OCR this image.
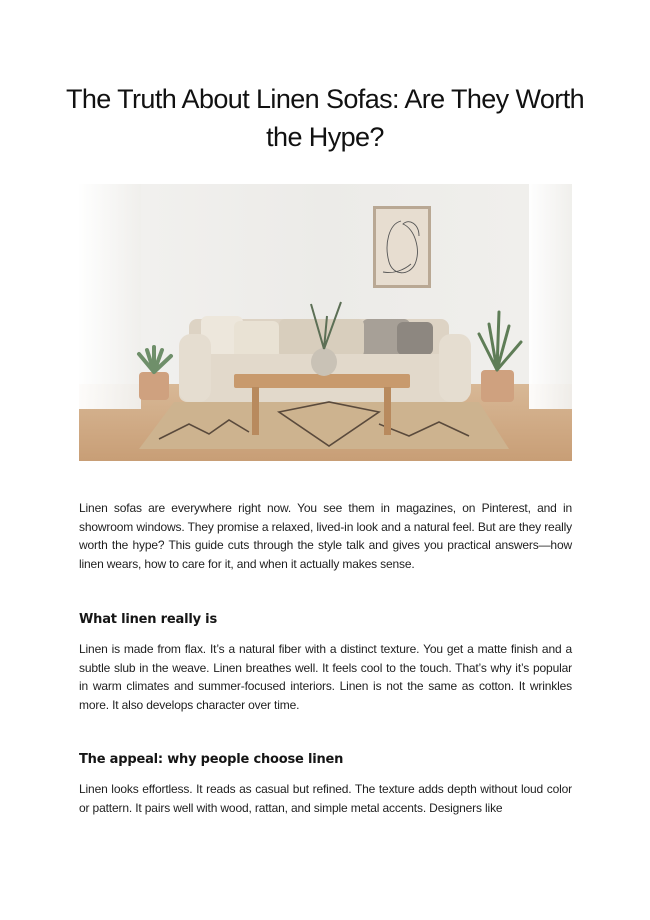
The Truth About Linen Sofas: Are They Worth the Hype?

Linen sofas are everywhere right now. You see them in magazines, on Pinterest, and in showroom windows. They promise a relaxed, lived-in look and a natural feel. But are they really worth the hype? This guide cuts through the style talk and gives you practical answers—how linen wears, how to care for it, and when it actually makes sense.

What linen really is

Linen is made from flax. It’s a natural fiber with a distinct texture. You get a matte finish and a subtle slub in the weave. Linen breathes well. It feels cool to the touch. That’s why it’s popular in warm climates and summer-focused interiors. Linen is not the same as cotton. It wrinkles more. It also develops character over time.

The appeal: why people choose linen

Linen looks effortless. It reads as casual but refined. The texture adds depth without loud color or pattern. It pairs well with wood, rattan, and simple metal accents. Designers like
